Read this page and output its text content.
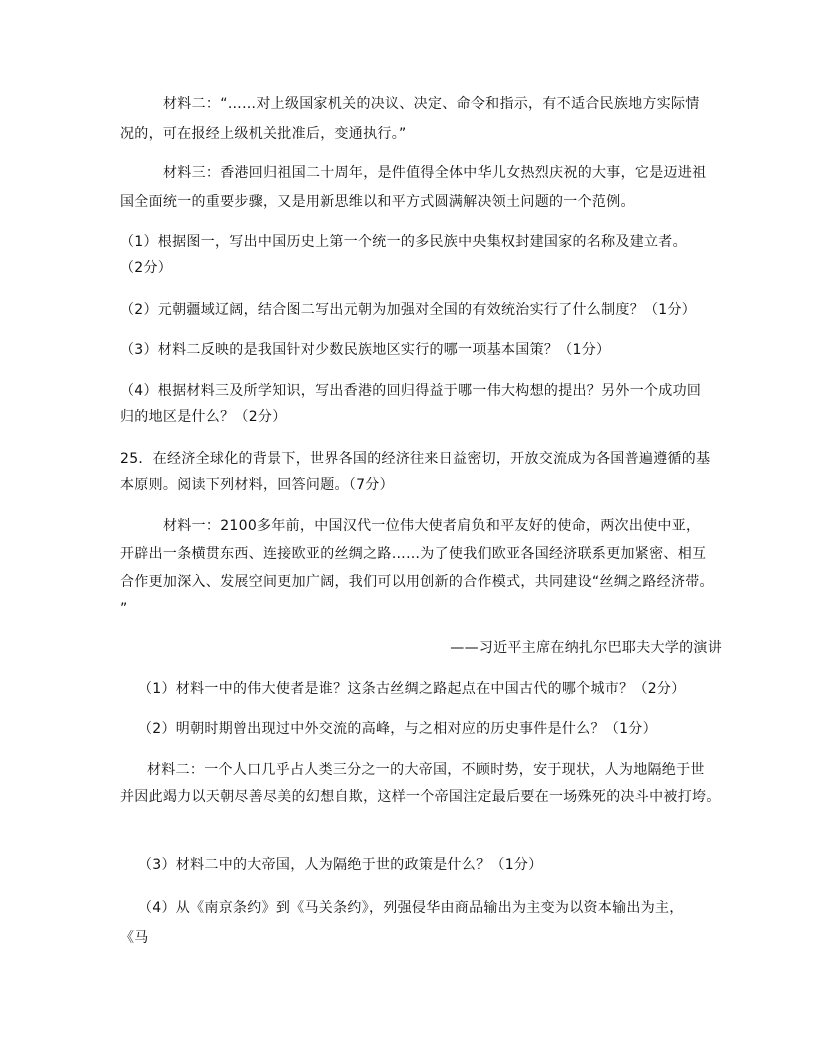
材料二：“……对上级国家机关的决议、决定、命令和指示，有不适合民族地方实际情
况的，可在报经上级机关批准后，变通执行。”
材料三：香港回归祖国二十周年，是件值得全体中华儿女热烈庆祝的大事，它是迈进祖
国全面统一的重要步骤，又是用新思维以和平方式圆满解决领土问题的一个范例。
（1）根据图一，写出中国历史上第一个统一的多民族中央集权封建国家的名称及建立者。
（2分）
（2）元朝疆域辽阔，结合图二写出元朝为加强对全国的有效统治实行了什么制度？（1分）
（3）材料二反映的是我国针对少数民族地区实行的哪一项基本国策？（1分）
（4）根据材料三及所学知识，写出香港的回归得益于哪一伟大构想的提出？另外一个成功回
归的地区是什么？（2分）
25．在经济全球化的背景下，世界各国的经济往来日益密切，开放交流成为各国普遍遵循的基
本原则。阅读下列材料，回答问题。（7分）
材料一：2100多年前，中国汉代一位伟大使者肩负和平友好的使命，两次出使中亚，
开辟出一条横贯东西、连接欧亚的丝绸之路……为了使我们欧亚各国经济联系更加紧密、相互
合作更加深入、发展空间更加广阔，我们可以用创新的合作模式，共同建设“丝绸之路经济带。
”
——习近平主席在纳扎尔巴耶夫大学的演讲
（1）材料一中的伟大使者是谁？这条古丝绸之路起点在中国古代的哪个城市？（2分）
（2）明朝时期曾出现过中外交流的高峰，与之相对应的历史事件是什么？（1分）
材料二：一个人口几乎占人类三分之一的大帝国，不顾时势，安于现状，人为地隔绝于世
并因此竭力以天朝尽善尽美的幻想自欺，这样一个帝国注定最后要在一场殊死的决斗中被打垮。
（3）材料二中的大帝国，人为隔绝于世的政策是什么？（1分）
（4）从《南京条约》到《马关条约》，列强侵华由商品输出为主变为以资本输出为主，
《马
